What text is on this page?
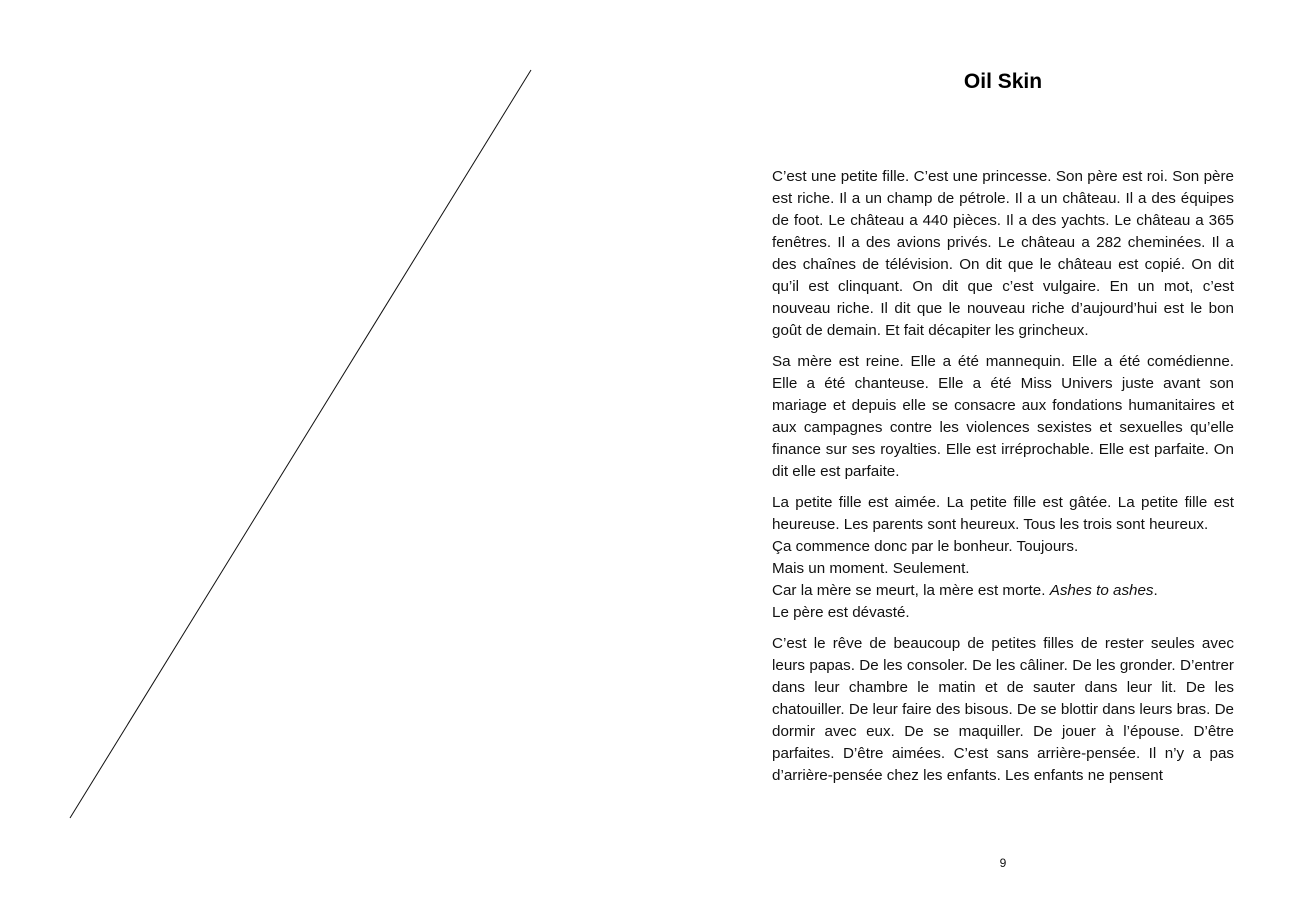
Oil Skin

C’est une petite fille. C’est une princesse. Son père est roi. Son père est riche. Il a un champ de pétrole. Il a un château. Il a des équipes de foot. Le château a 440 pièces. Il a des yachts. Le château a 365 fenêtres. Il a des avions privés. Le château a 282 cheminées. Il a des chaînes de télévision. On dit que le château est copié. On dit qu’il est clinquant. On dit que c’est vulgaire. En un mot, c’est nouveau riche. Il dit que le nouveau riche d’aujourd’hui est le bon goût de demain. Et fait décapiter les grincheux.

Sa mère est reine. Elle a été mannequin. Elle a été comédienne. Elle a été chanteuse. Elle a été Miss Univers juste avant son mariage et depuis elle se consacre aux fondations humanitaires et aux campagnes contre les violences sexistes et sexuelles qu’elle finance sur ses royalties. Elle est irréprochable. Elle est parfaite. On dit elle est parfaite.

La petite fille est aimée. La petite fille est gâtée. La petite fille est heureuse. Les parents sont heureux. Tous les trois sont heureux.
Ça commence donc par le bonheur. Toujours.
Mais un moment. Seulement.
Car la mère se meurt, la mère est morte. Ashes to ashes.
Le père est dévasté.

C’est le rêve de beaucoup de petites filles de rester seules avec leurs papas. De les consoler. De les câliner. De les gronder. D’entrer dans leur chambre le matin et de sauter dans leur lit. De les chatouiller. De leur faire des bisous. De se blottir dans leurs bras. De dormir avec eux. De se maquiller. De jouer à l’épouse. D’être parfaites. D’être aimées. C’est sans arrière-pensée. Il n’y a pas d’arrière-pensée chez les enfants. Les enfants ne pensent

9
